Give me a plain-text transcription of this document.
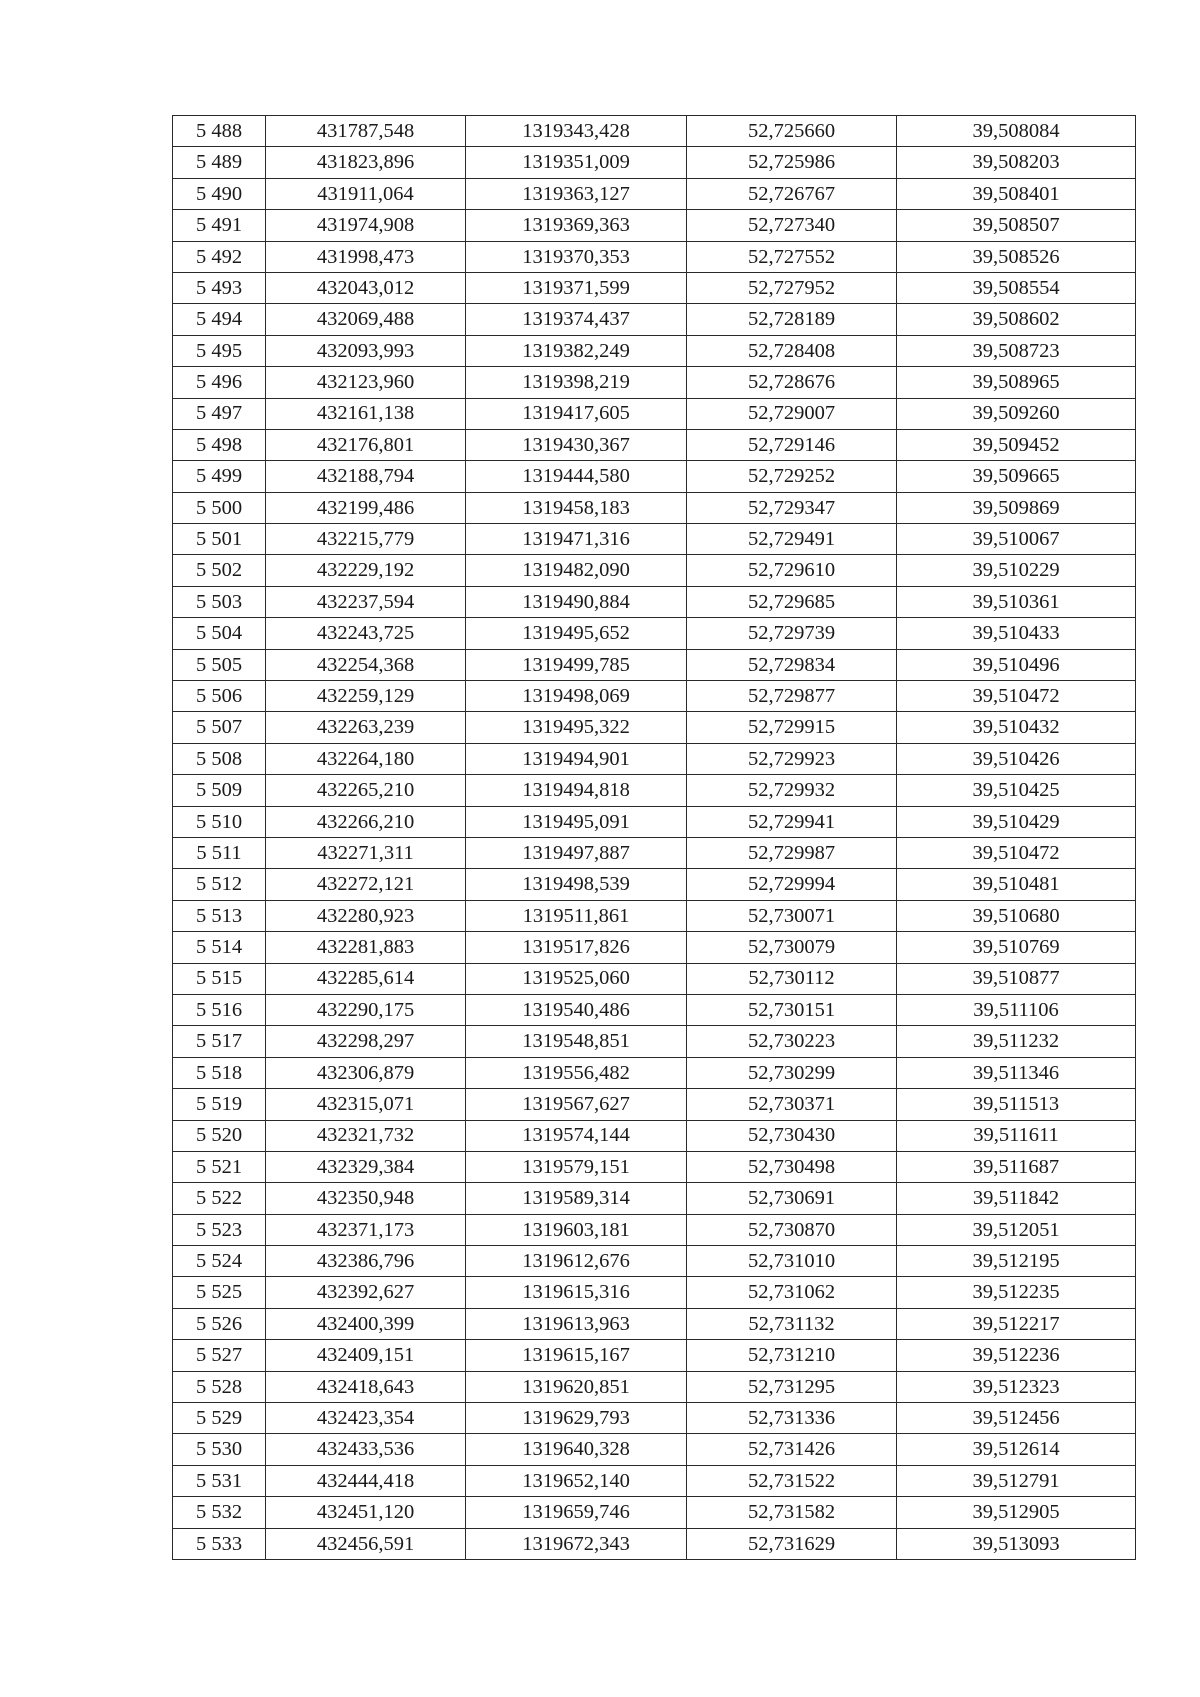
5 488	431787,548	1319343,428	52,725660	39,508084
5 489	431823,896	1319351,009	52,725986	39,508203
5 490	431911,064	1319363,127	52,726767	39,508401
5 491	431974,908	1319369,363	52,727340	39,508507
5 492	431998,473	1319370,353	52,727552	39,508526
5 493	432043,012	1319371,599	52,727952	39,508554
5 494	432069,488	1319374,437	52,728189	39,508602
5 495	432093,993	1319382,249	52,728408	39,508723
5 496	432123,960	1319398,219	52,728676	39,508965
5 497	432161,138	1319417,605	52,729007	39,509260
5 498	432176,801	1319430,367	52,729146	39,509452
5 499	432188,794	1319444,580	52,729252	39,509665
5 500	432199,486	1319458,183	52,729347	39,509869
5 501	432215,779	1319471,316	52,729491	39,510067
5 502	432229,192	1319482,090	52,729610	39,510229
5 503	432237,594	1319490,884	52,729685	39,510361
5 504	432243,725	1319495,652	52,729739	39,510433
5 505	432254,368	1319499,785	52,729834	39,510496
5 506	432259,129	1319498,069	52,729877	39,510472
5 507	432263,239	1319495,322	52,729915	39,510432
5 508	432264,180	1319494,901	52,729923	39,510426
5 509	432265,210	1319494,818	52,729932	39,510425
5 510	432266,210	1319495,091	52,729941	39,510429
5 511	432271,311	1319497,887	52,729987	39,510472
5 512	432272,121	1319498,539	52,729994	39,510481
5 513	432280,923	1319511,861	52,730071	39,510680
5 514	432281,883	1319517,826	52,730079	39,510769
5 515	432285,614	1319525,060	52,730112	39,510877
5 516	432290,175	1319540,486	52,730151	39,511106
5 517	432298,297	1319548,851	52,730223	39,511232
5 518	432306,879	1319556,482	52,730299	39,511346
5 519	432315,071	1319567,627	52,730371	39,511513
5 520	432321,732	1319574,144	52,730430	39,511611
5 521	432329,384	1319579,151	52,730498	39,511687
5 522	432350,948	1319589,314	52,730691	39,511842
5 523	432371,173	1319603,181	52,730870	39,512051
5 524	432386,796	1319612,676	52,731010	39,512195
5 525	432392,627	1319615,316	52,731062	39,512235
5 526	432400,399	1319613,963	52,731132	39,512217
5 527	432409,151	1319615,167	52,731210	39,512236
5 528	432418,643	1319620,851	52,731295	39,512323
5 529	432423,354	1319629,793	52,731336	39,512456
5 530	432433,536	1319640,328	52,731426	39,512614
5 531	432444,418	1319652,140	52,731522	39,512791
5 532	432451,120	1319659,746	52,731582	39,512905
5 533	432456,591	1319672,343	52,731629	39,513093
